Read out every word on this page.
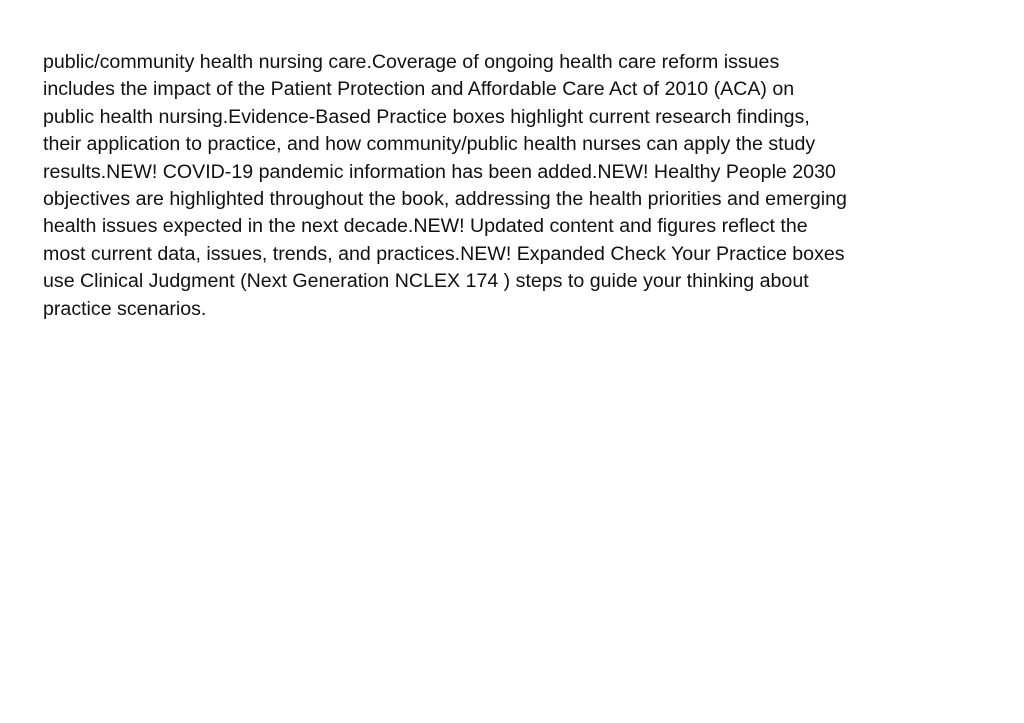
public/community health nursing care.Coverage of ongoing health care reform issues
includes the impact of the Patient Protection and Affordable Care Act of 2010 (ACA) on
public health nursing.Evidence-Based Practice boxes highlight current research findings,
their application to practice, and how community/public health nurses can apply the study
results.NEW! COVID-19 pandemic information has been added.NEW! Healthy People 2030
objectives are highlighted throughout the book, addressing the health priorities and emerging
health issues expected in the next decade.NEW! Updated content and figures reflect the
most current data, issues, trends, and practices.NEW! Expanded Check Your Practice boxes
use Clinical Judgment (Next Generation NCLEX 174 ) steps to guide your thinking about
practice scenarios.
